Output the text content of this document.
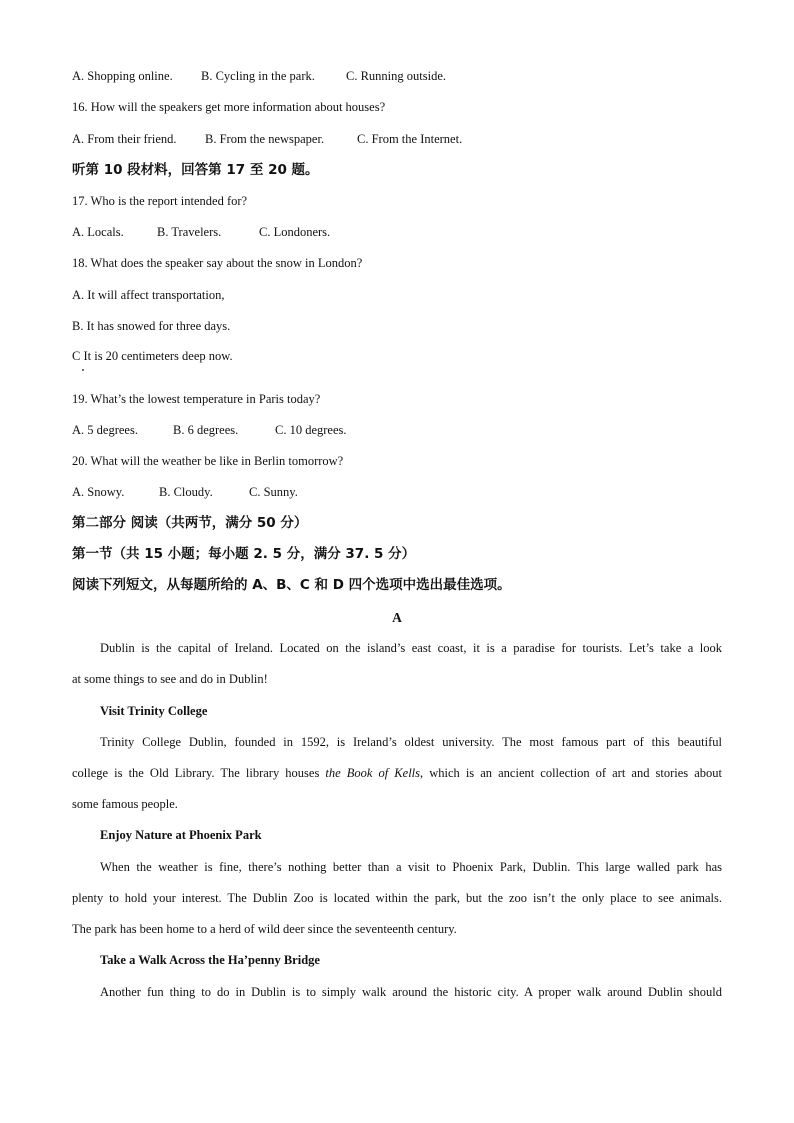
A. Shopping online. B. Cycling in the park. C. Running outside.
16. How will the speakers get more information about houses?
A. From their friend. B. From the newspaper.	C. From the Internet.
听第 10 段材料，回答第 17 至 20 题。
17. Who is the report intended for?
A. Locals.	B. Travelers.	C. Londoners.
18. What does the speaker say about the snow in London?
A. It will affect transportation,
B. It has snowed for three days.
C It is 20 centimeters deep now.
19. What’s the lowest temperature in Paris today?
A. 5 degrees.	B. 6 degrees.	C. 10 degrees.
20. What will the weather be like in Berlin tomorrow?
A. Snowy.	B. Cloudy.	C. Sunny.
第二部分 阅读（共两节，满分 50 分）
第一节（共 15 小题；每小题 2. 5 分，满分 37. 5 分）
阅读下列短文，从每题所给的 A、B、C 和 D 四个选项中选出最佳选项。
A
Dublin is the capital of Ireland. Located on the island’s east coast, it is a paradise for tourists. Let’s take a look
at some things to see and do in Dublin!
Visit Trinity College
Trinity College Dublin, founded in 1592, is Ireland’s oldest university. The most famous part of this beautiful
college is the Old Library. The library houses the Book of Kells, which is an ancient collection of art and stories about
some famous people.
Enjoy Nature at Phoenix Park
When the weather is fine, there’s nothing better than a visit to Phoenix Park, Dublin. This large walled park has
plenty to hold your interest. The Dublin Zoo is located within the park, but the zoo isn’t the only place to see animals.
The park has been home to a herd of wild deer since the seventeenth century.
Take a Walk Across the Ha’penny Bridge
Another fun thing to do in Dublin is to simply walk around the historic city. A proper walk around Dublin should
